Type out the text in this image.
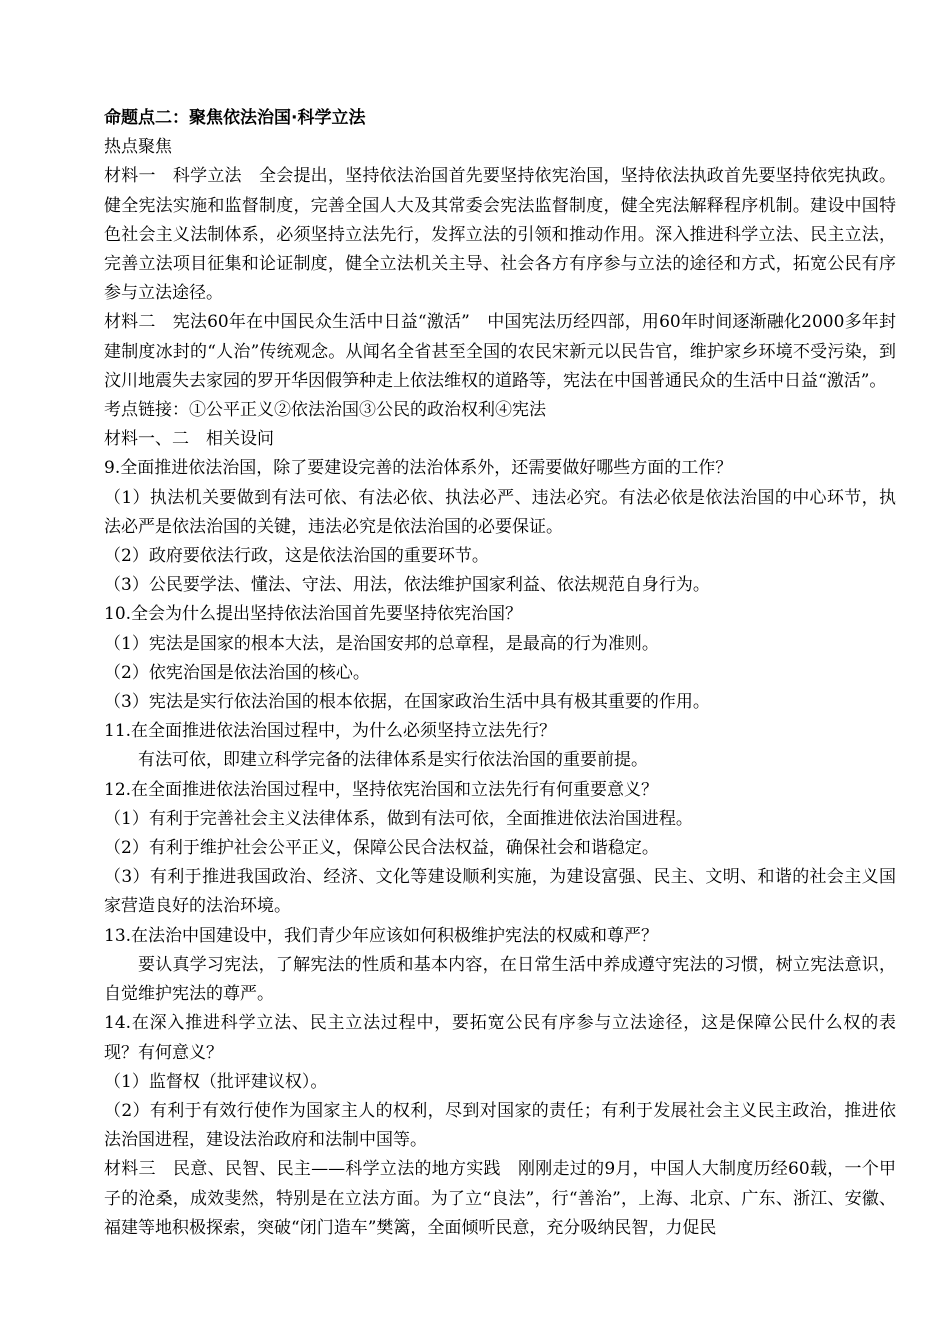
命题点二：聚焦依法治国·科学立法

热点聚焦

材料一　科学立法　全会提出，坚持依法治国首先要坚持依宪治国，坚持依法执政首先要坚持依宪执政。健全宪法实施和监督制度，完善全国人大及其常委会宪法监督制度，健全宪法解释程序机制。建设中国特色社会主义法制体系，必须坚持立法先行，发挥立法的引领和推动作用。深入推进科学立法、民主立法，完善立法项目征集和论证制度，健全立法机关主导、社会各方有序参与立法的途径和方式，拓宽公民有序参与立法途径。

材料二　宪法60年在中国民众生活中日益“激活”　中国宪法历经四部，用60年时间逐渐融化2000多年封建制度冰封的“人治”传统观念。从闻名全省甚至全国的农民宋新元以民告官，维护家乡环境不受污染，到汶川地震失去家园的罗开华因假笋种走上依法维权的道路等，宪法在中国普通民众的生活中日益“激活”。

考点链接：①公平正义②依法治国③公民的政治权利④宪法

材料一、二　相关设问

9.全面推进依法治国，除了要建设完善的法治体系外，还需要做好哪些方面的工作？

（1）执法机关要做到有法可依、有法必依、执法必严、违法必究。有法必依是依法治国的中心环节，执法必严是依法治国的关键，违法必究是依法治国的必要保证。

（2）政府要依法行政，这是依法治国的重要环节。

（3）公民要学法、懂法、守法、用法，依法维护国家利益、依法规范自身行为。

10.全会为什么提出坚持依法治国首先要坚持依宪治国？

（1）宪法是国家的根本大法，是治国安邦的总章程，是最高的行为准则。

（2）依宪治国是依法治国的核心。

（3）宪法是实行依法治国的根本依据，在国家政治生活中具有极其重要的作用。

11.在全面推进依法治国过程中，为什么必须坚持立法先行？

有法可依，即建立科学完备的法律体系是实行依法治国的重要前提。

12.在全面推进依法治国过程中，坚持依宪治国和立法先行有何重要意义？

（1）有利于完善社会主义法律体系，做到有法可依，全面推进依法治国进程。

（2）有利于维护社会公平正义，保障公民合法权益，确保社会和谐稳定。

（3）有利于推进我国政治、经济、文化等建设顺利实施，为建设富强、民主、文明、和谐的社会主义国家营造良好的法治环境。

13.在法治中国建设中，我们青少年应该如何积极维护宪法的权威和尊严？

要认真学习宪法，了解宪法的性质和基本内容，在日常生活中养成遵守宪法的习惯，树立宪法意识，自觉维护宪法的尊严。

14.在深入推进科学立法、民主立法过程中，要拓宽公民有序参与立法途径，这是保障公民什么权的表现？有何意义？

（1）监督权（批评建议权）。

（2）有利于有效行使作为国家主人的权利，尽到对国家的责任；有利于发展社会主义民主政治，推进依法治国进程，建设法治政府和法制中国等。

材料三　民意、民智、民主——科学立法的地方实践　刚刚走过的9月，中国人大制度历经60载，一个甲子的沧桑，成效斐然，特别是在立法方面。为了立“良法”，行“善治”，上海、北京、广东、浙江、安徽、福建等地积极探索，突破“闭门造车”樊篱，全面倾听民意，充分吸纳民智，力促民
